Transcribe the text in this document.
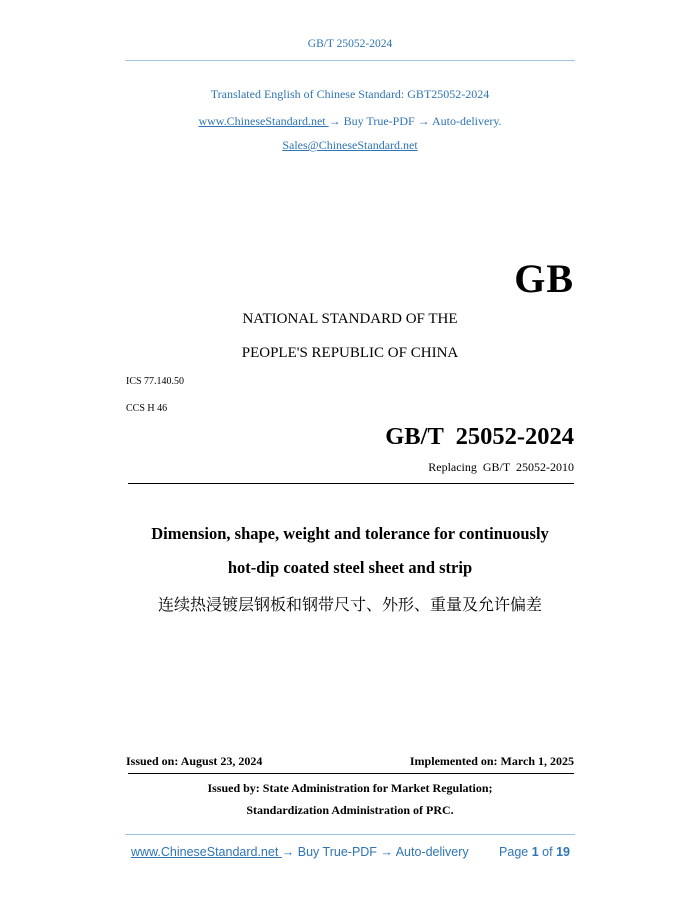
GB/T 25052-2024
Translated English of Chinese Standard: GBT25052-2024
www.ChineseStandard.net → Buy True-PDF → Auto-delivery.
Sales@ChineseStandard.net
GB
NATIONAL STANDARD OF THE
PEOPLE'S REPUBLIC OF CHINA
ICS 77.140.50
CCS H 46
GB/T  25052-2024
Replacing  GB/T  25052-2010
Dimension, shape, weight and tolerance for continuously
hot-dip coated steel sheet and strip
连续热浸镀层钢板和钢带尺寸、外形、重量及允许偏差
Issued on: August 23, 2024	Implemented on: March 1, 2025
Issued by: State Administration for Market Regulation;
Standardization Administration of PRC.
www.ChineseStandard.net → Buy True-PDF → Auto-delivery Page 1 of 19
